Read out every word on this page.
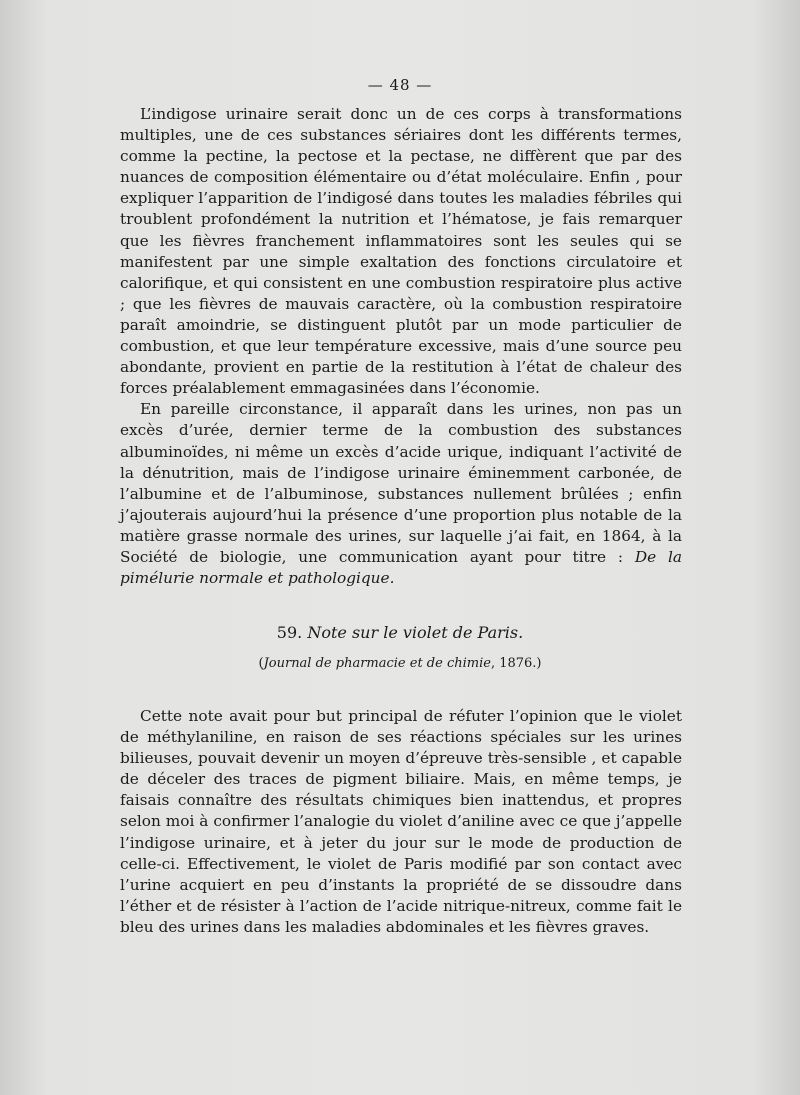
— 48 —

L’indigose urinaire serait donc un de ces corps à transformations multiples, une de ces substances sériaires dont les différents termes, comme la pectine, la pectose et la pectase, ne diffèrent que par des nuances de composition élémentaire ou d’état moléculaire. Enfin , pour expliquer l’apparition de l’indigosé dans toutes les maladies fébriles qui troublent profondément la nutrition et l’hématose, je fais remarquer que les fièvres franchement inflammatoires sont les seules qui se manifestent par une simple exaltation des fonctions circulatoire et calorifique, et qui consistent en une combustion respiratoire plus active ; que les fièvres de mauvais caractère, où la combustion respiratoire paraît amoindrie, se distinguent plutôt par un mode particulier de combustion, et que leur température excessive, mais d’une source peu abondante, provient en partie de la restitution à l’état de chaleur des forces préalablement emmagasinées dans l’économie.

En pareille circonstance, il apparaît dans les urines, non pas un excès d’urée, dernier terme de la combustion des substances albuminoïdes, ni même un excès d’acide urique, indiquant l’activité de la dénutrition, mais de l’indigose urinaire éminemment carbonée, de l’albumine et de l’albuminose, substances nullement brûlées ; enfin j’ajouterais aujourd’hui la présence d’une proportion plus notable de la matière grasse normale des urines, sur laquelle j’ai fait, en 1864, à la Société de biologie, une communication ayant pour titre : De la pimélurie normale et pathologique.

59. Note sur le violet de Paris.
(Journal de pharmacie et de chimie, 1876.)

Cette note avait pour but principal de réfuter l’opinion que le violet de méthylaniline, en raison de ses réactions spéciales sur les urines bilieuses, pouvait devenir un moyen d’épreuve très-sensible , et capable de déceler des traces de pigment biliaire. Mais, en même temps, je faisais connaître des résultats chimiques bien inattendus, et propres selon moi à confirmer l’analogie du violet d’aniline avec ce que j’appelle l’indigose urinaire, et à jeter du jour sur le mode de production de celle-ci. Effectivement, le violet de Paris modifié par son contact avec l’urine acquiert en peu d’instants la propriété de se dissoudre dans l’éther et de résister à l’action de l’acide nitrique-nitreux, comme fait le bleu des urines dans les maladies abdominales et les fièvres graves.
